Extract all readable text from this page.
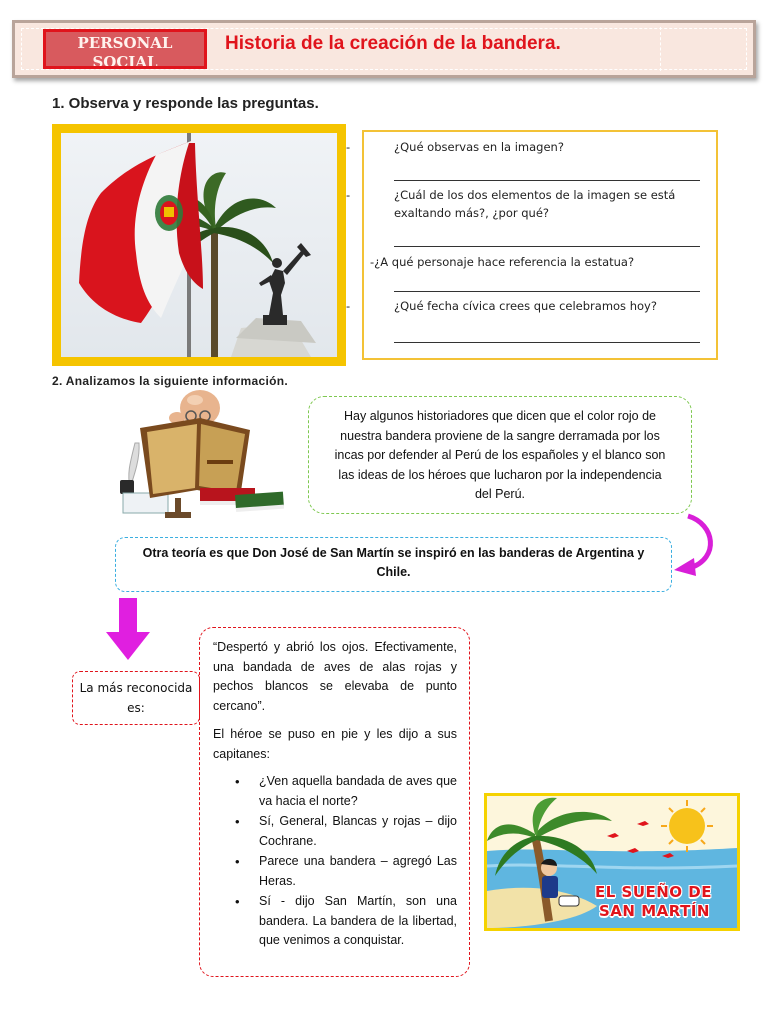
PERSONAL SOCIAL
Historia de la creación de la bandera.
1. Observa y responde las preguntas.
-	¿Qué observas en la imagen?
-	¿Cuál de los dos elementos de la imagen se está exaltando más?, ¿por qué?
-¿A qué personaje hace referencia la estatua?
-	¿Qué fecha cívica crees que celebramos hoy?
2. Analizamos la siguiente información.
Hay algunos historiadores que dicen que el color rojo de nuestra bandera proviene de la sangre derramada por los incas por defender al Perú de los españoles y el blanco son las ideas de los héroes que lucharon por la independencia del Perú.
Otra teoría es que Don José de San Martín se inspiró en las banderas de Argentina y Chile.
La más reconocida es:

“Despertó y abrió los ojos. Efectivamente, una bandada de aves de alas rojas y pechos blancos se elevaba de punto cercano”.

El héroe se puso en pie y les dijo a sus capitanes:

• ¿Ven aquella bandada de aves que va hacia el norte?
• Sí, General, Blancas y rojas – dijo Cochrane.
• Parece una bandera – agregó Las Heras.
• Sí - dijo San Martín, son una bandera. La bandera de la libertad, que venimos a conquistar.
EL SUEÑO DE
SAN MARTÍN
